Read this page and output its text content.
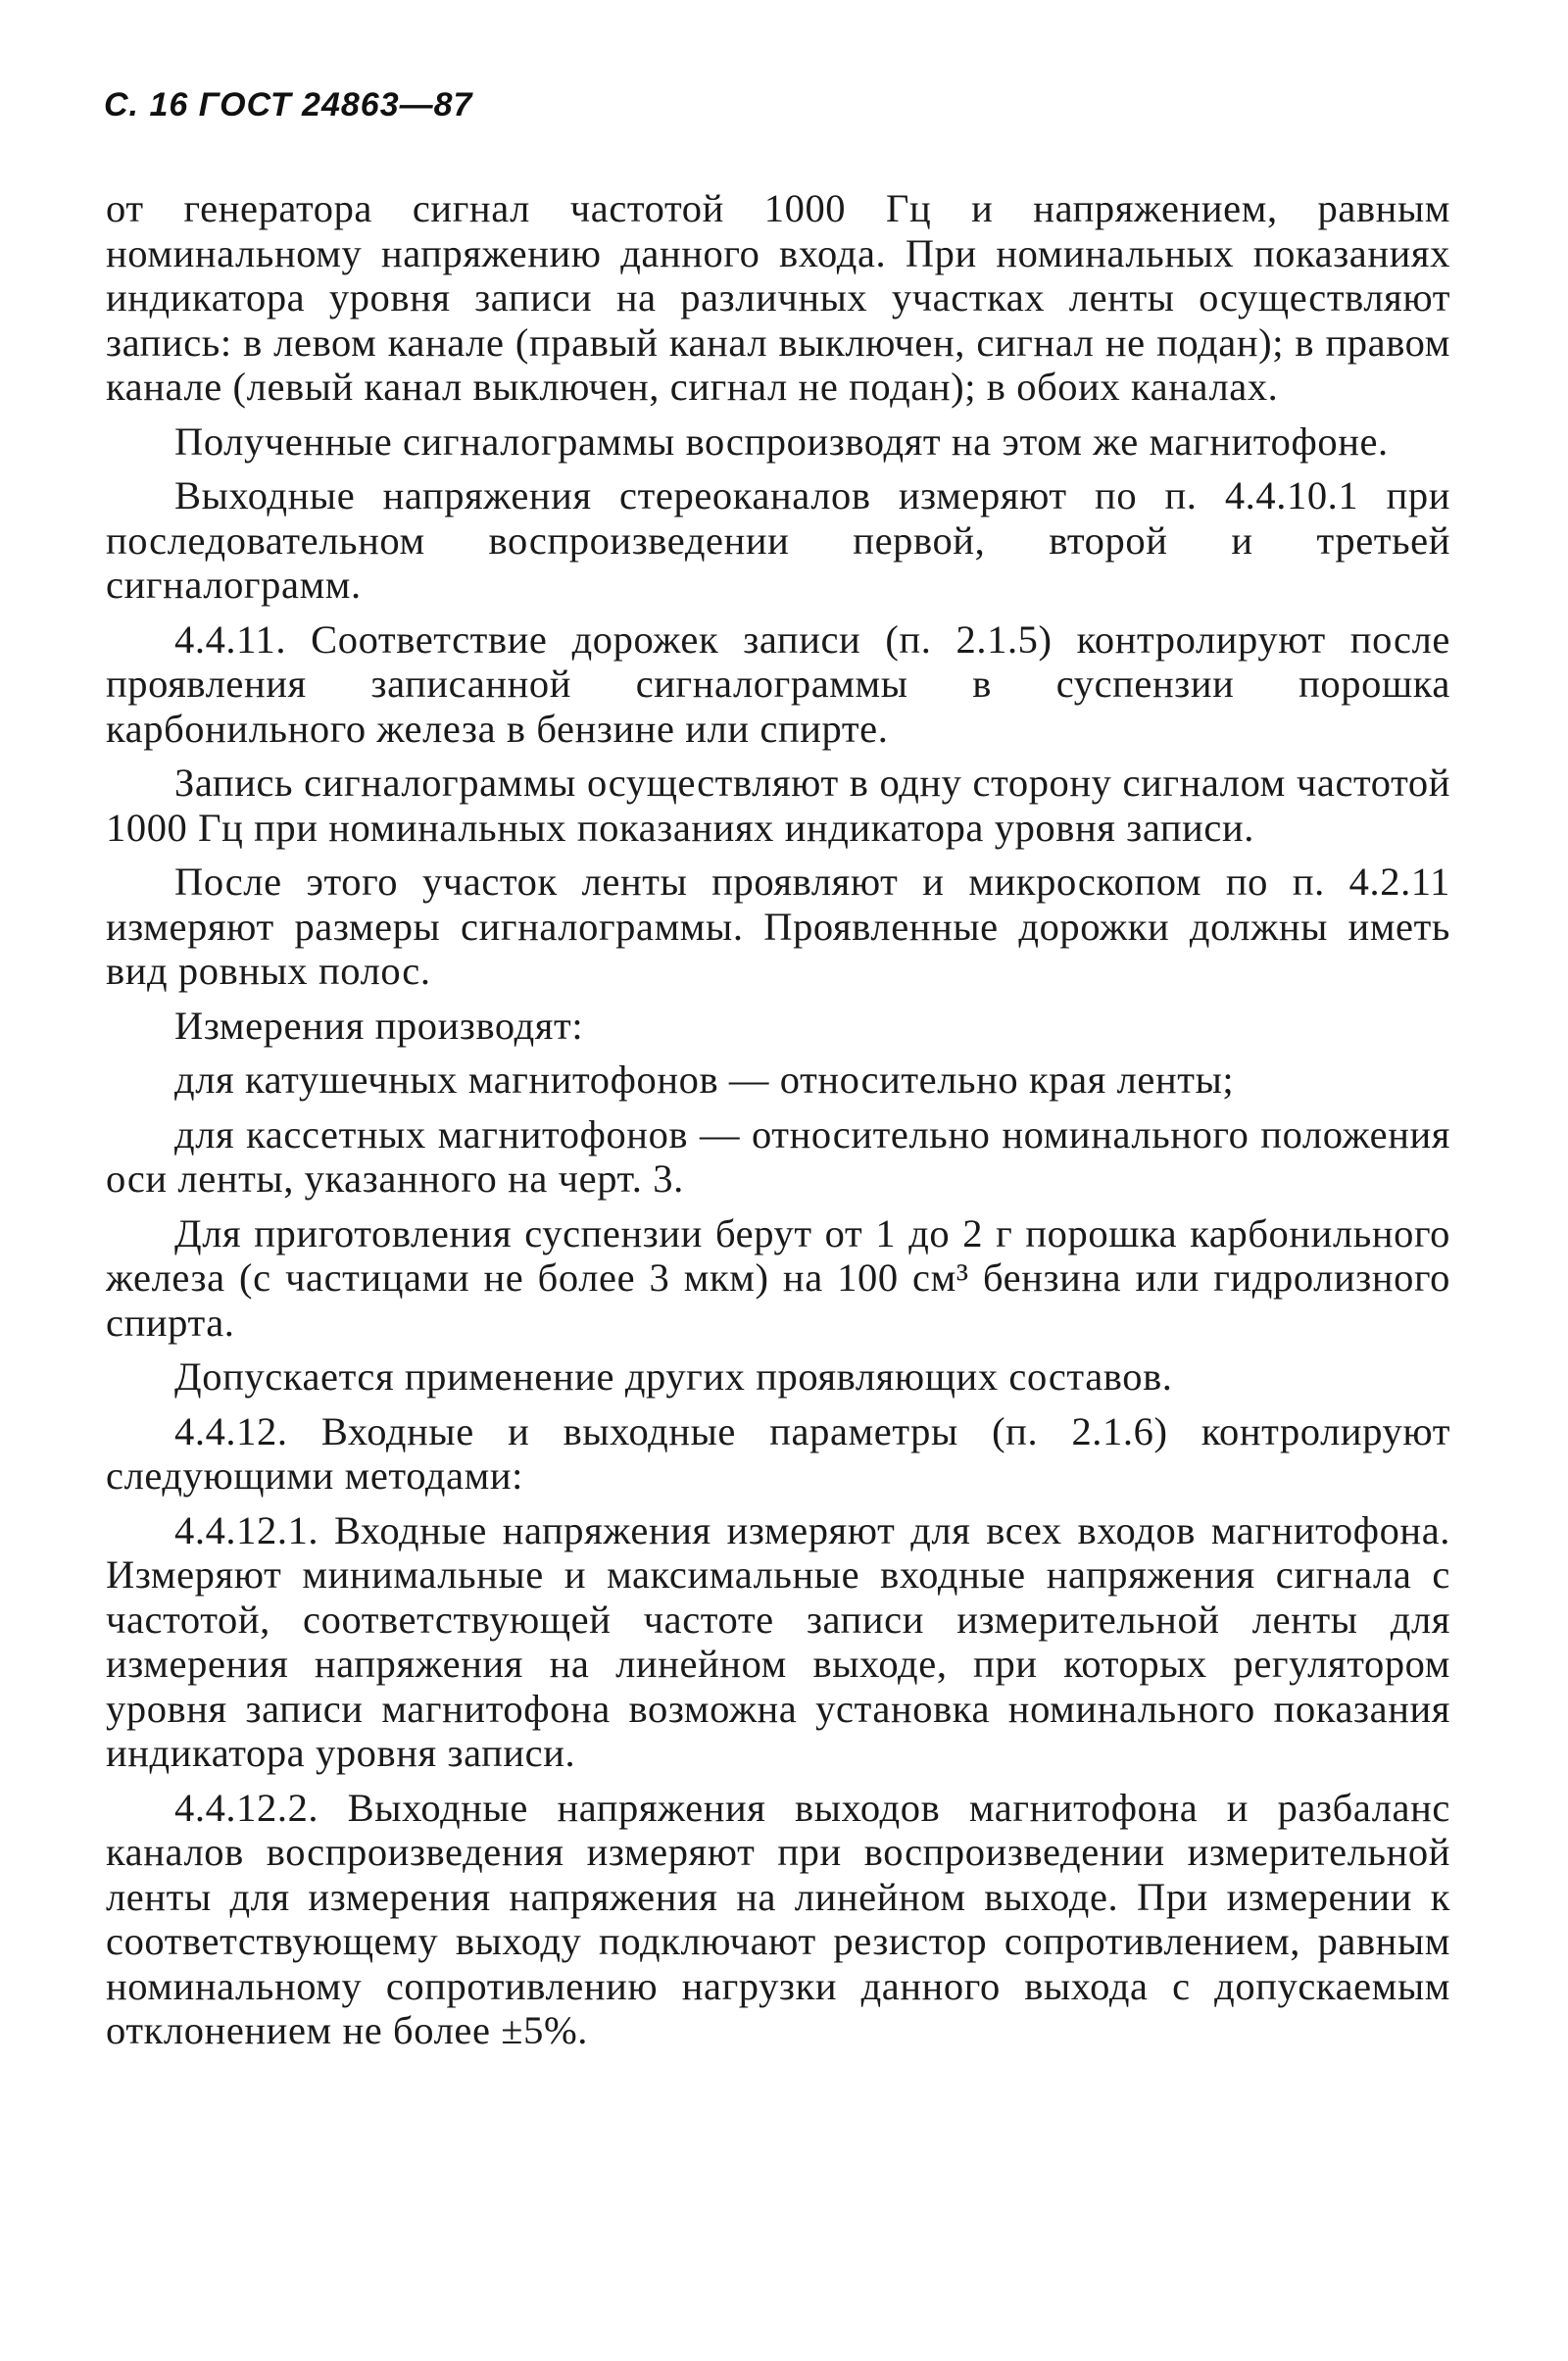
С. 16 ГОСТ 24863—87

от генератора сигнал частотой 1000 Гц и напряжением, равным номинальному напряжению данного входа. При номинальных показаниях индикатора уровня записи на различных участках ленты осуществляют запись: в левом канале (правый канал выключен, сигнал не подан); в правом канале (левый канал выключен, сигнал не подан); в обоих каналах.

Полученные сигналограммы воспроизводят на этом же магнитофоне.

Выходные напряжения стереоканалов измеряют по п. 4.4.10.1 при последовательном воспроизведении первой, второй и третьей сигналограмм.

4.4.11. Соответствие дорожек записи (п. 2.1.5) контролируют после проявления записанной сигналограммы в суспензии порошка карбонильного железа в бензине или спирте.

Запись сигналограммы осуществляют в одну сторону сигналом частотой 1000 Гц при номинальных показаниях индикатора уровня записи.

После этого участок ленты проявляют и микроскопом по п. 4.2.11 измеряют размеры сигналограммы. Проявленные дорожки должны иметь вид ровных полос.

Измерения производят:

для катушечных магнитофонов — относительно края ленты;

для кассетных магнитофонов — относительно номинального положения оси ленты, указанного на черт. 3.

Для приготовления суспензии берут от 1 до 2 г порошка карбонильного железа (с частицами не более 3 мкм) на 100 см³ бензина или гидролизного спирта.

Допускается применение других проявляющих составов.

4.4.12. Входные и выходные параметры (п. 2.1.6) контролируют следующими методами:

4.4.12.1. Входные напряжения измеряют для всех входов магнитофона. Измеряют минимальные и максимальные входные напряжения сигнала с частотой, соответствующей частоте записи измерительной ленты для измерения напряжения на линейном выходе, при которых регулятором уровня записи магнитофона возможна установка номинального показания индикатора уровня записи.

4.4.12.2. Выходные напряжения выходов магнитофона и разбаланс каналов воспроизведения измеряют при воспроизведении измерительной ленты для измерения напряжения на линейном выходе. При измерении к соответствующему выходу подключают резистор сопротивлением, равным номинальному сопротивлению нагрузки данного выхода с допускаемым отклонением не более ±5%.
